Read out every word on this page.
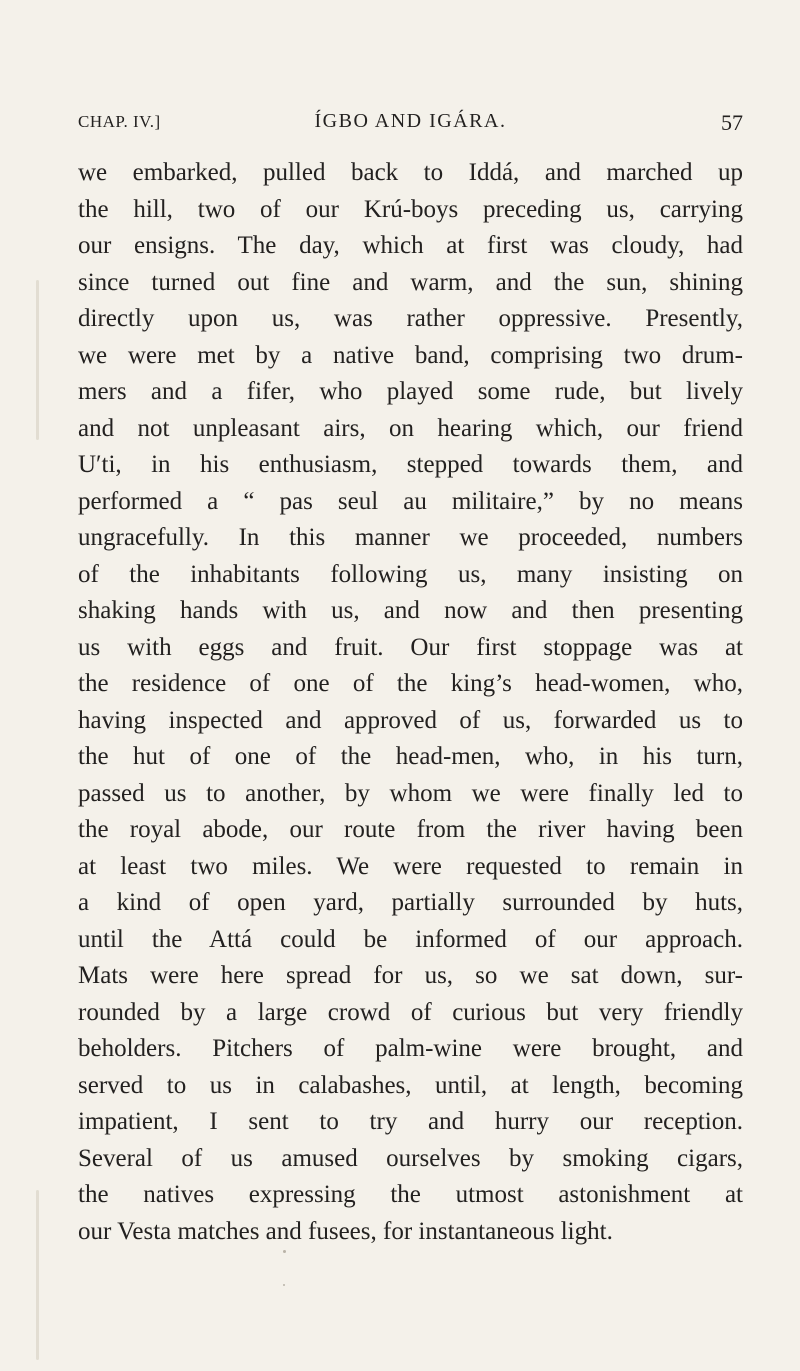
CHAP. IV.]	ÍGBO AND IGÁRA.	57
we embarked, pulled back to Iddá, and marched up
the hill, two of our Krú-boys preceding us, carrying
our ensigns. The day, which at first was cloudy, had
since turned out fine and warm, and the sun, shining
directly upon us, was rather oppressive. Presently,
we were met by a native band, comprising two drum-
mers and a fifer, who played some rude, but lively
and not unpleasant airs, on hearing which, our friend
U′ti, in his enthusiasm, stepped towards them, and
performed a “ pas seul au militaire,” by no means
ungracefully. In this manner we proceeded, numbers
of the inhabitants following us, many insisting on
shaking hands with us, and now and then presenting
us with eggs and fruit. Our first stoppage was at
the residence of one of the king’s head-women, who,
having inspected and approved of us, forwarded us to
the hut of one of the head-men, who, in his turn,
passed us to another, by whom we were finally led to
the royal abode, our route from the river having been
at least two miles. We were requested to remain in
a kind of open yard, partially surrounded by huts,
until the Attá could be informed of our approach.
Mats were here spread for us, so we sat down, sur-
rounded by a large crowd of curious but very friendly
beholders. Pitchers of palm-wine were brought, and
served to us in calabashes, until, at length, becoming
impatient, I sent to try and hurry our reception.
Several of us amused ourselves by smoking cigars,
the natives expressing the utmost astonishment at
our Vesta matches and fusees, for instantaneous light.
